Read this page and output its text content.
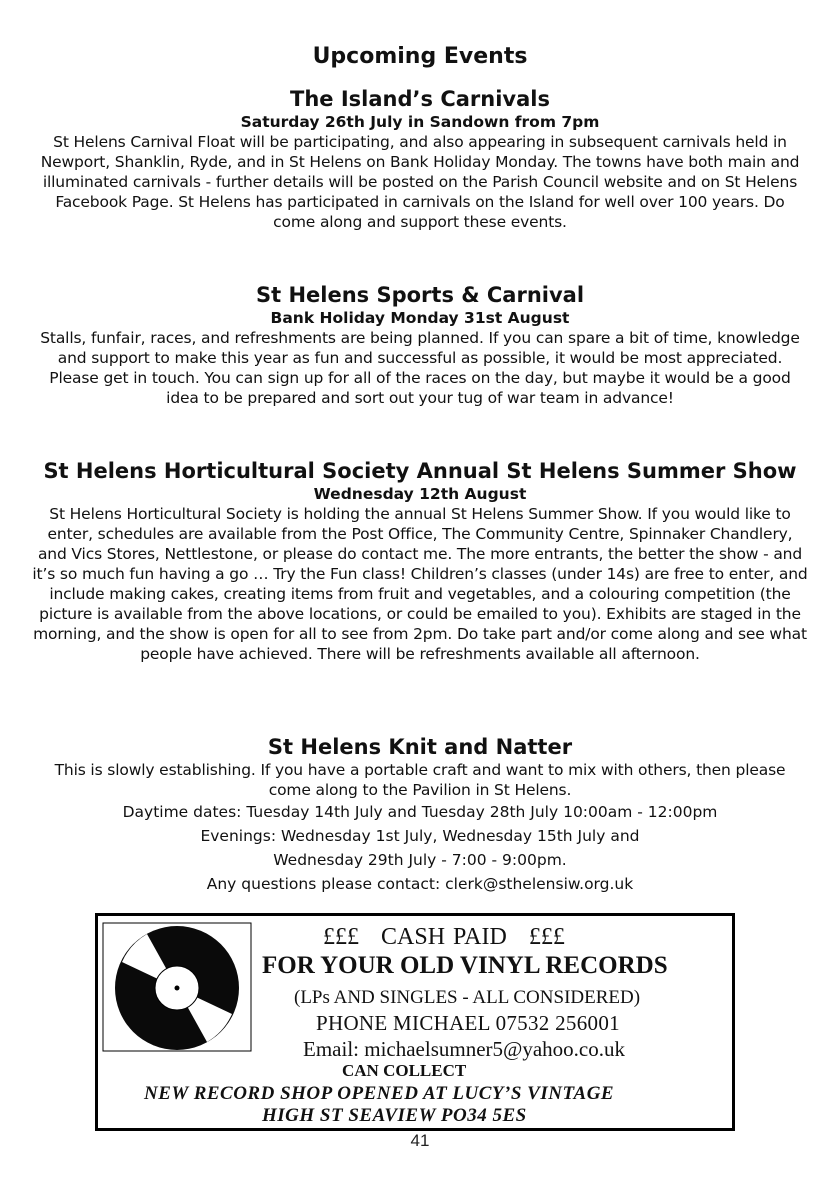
Upcoming Events

The Island’s Carnivals

Saturday 26th July in Sandown from 7pm

St Helens Carnival Float will be participating, and also appearing in subsequent carnivals held in Newport, Shanklin, Ryde, and in St Helens on Bank Holiday Monday. The towns have both main and illuminated carnivals - further details will be posted on the Parish Council website and on St Helens Facebook Page. St Helens has participated in carnivals on the Island for well over 100 years. Do come along and support these events.

St Helens Sports & Carnival

Bank Holiday Monday 31st August

Stalls, funfair, races, and refreshments are being planned. If you can spare a bit of time, knowledge and support to make this year as fun and successful as possible, it would be most appreciated. Please get in touch. You can sign up for all of the races on the day, but maybe it would be a good idea to be prepared and sort out your tug of war team in advance!

St Helens Horticultural Society Annual St Helens Summer Show

Wednesday 12th August

St Helens Horticultural Society is holding the annual St Helens Summer Show. If you would like to enter, schedules are available from the Post Office, The Community Centre, Spinnaker Chandlery, and Vics Stores, Nettlestone, or please do contact me. The more entrants, the better the show - and it’s so much fun having a go … Try the Fun class! Children’s classes (under 14s) are free to enter, and include making cakes, creating items from fruit and vegetables, and a colouring competition (the picture is available from the above locations, or could be emailed to you). Exhibits are staged in the morning, and the show is open for all to see from 2pm. Do take part and/or come along and see what people have achieved. There will be refreshments available all afternoon.

St Helens Knit and Natter

This is slowly establishing. If you have a portable craft and want to mix with others, then please come along to the Pavilion in St Helens.

Daytime dates: Tuesday 14th July and Tuesday 28th July 10:00am - 12:00pm

Evenings: Wednesday 1st July, Wednesday 15th July and

Wednesday 29th July - 7:00 - 9:00pm.

Any questions please contact: clerk@sthelensiw.org.uk

£££ CASH PAID £££
FOR YOUR OLD VINYL RECORDS
(LPs AND SINGLES - ALL CONSIDERED)
PHONE MICHAEL 07532 256001
Email: michaelsumner5@yahoo.co.uk
CAN COLLECT
NEW RECORD SHOP OPENED AT LUCY’S VINTAGE
HIGH ST SEAVIEW PO34 5ES
41
